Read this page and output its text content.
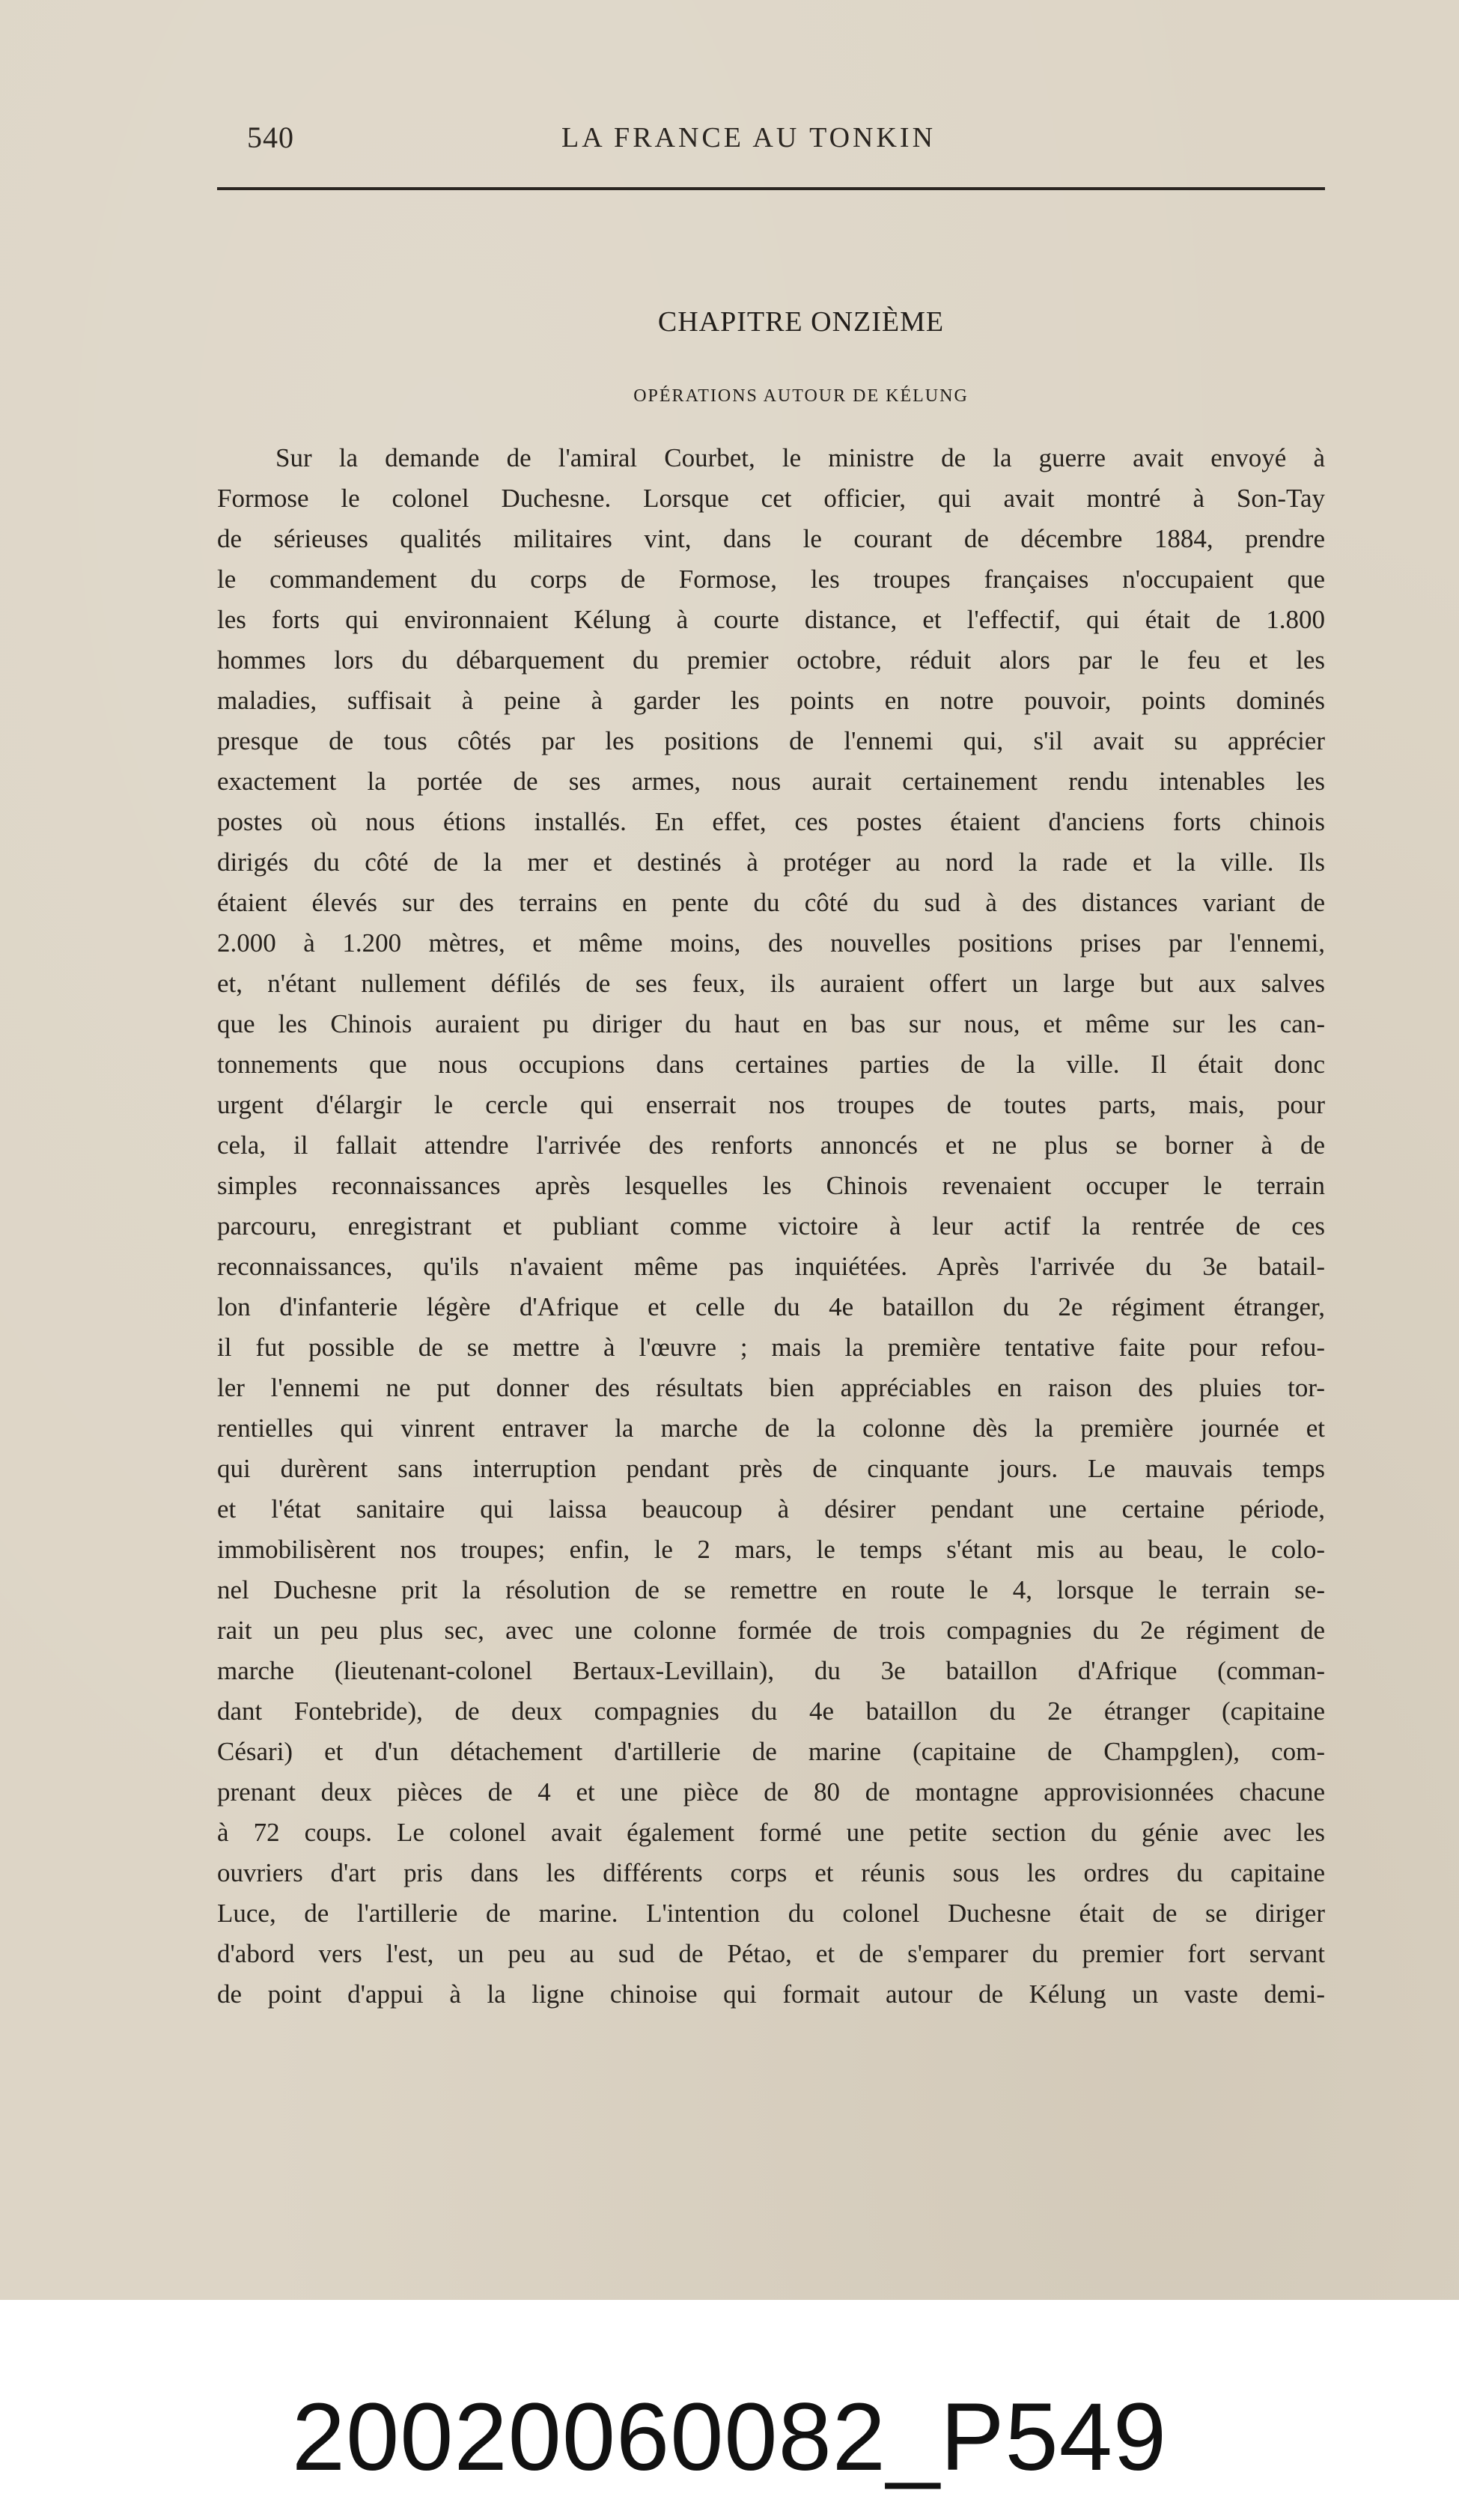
540	LA FRANCE AU TONKIN
CHAPITRE ONZIÈME
OPÉRATIONS AUTOUR DE KÉLUNG
Sur la demande de l'amiral Courbet, le ministre de la guerre avait envoyé à
Formose le colonel Duchesne. Lorsque cet officier, qui avait montré à Son-Tay
de sérieuses qualités militaires vint, dans le courant de décembre 1884, prendre
le commandement du corps de Formose, les troupes françaises n'occupaient que
les forts qui environnaient Kélung à courte distance, et l'effectif, qui était de 1.800
hommes lors du débarquement du premier octobre, réduit alors par le feu et les
maladies, suffisait à peine à garder les points en notre pouvoir, points dominés
presque de tous côtés par les positions de l'ennemi qui, s'il avait su apprécier
exactement la portée de ses armes, nous aurait certainement rendu intenables les
postes où nous étions installés. En effet, ces postes étaient d'anciens forts chinois
dirigés du côté de la mer et destinés à protéger au nord la rade et la ville. Ils
étaient élevés sur des terrains en pente du côté du sud à des distances variant de
2.000 à 1.200 mètres, et même moins, des nouvelles positions prises par l'ennemi,
et, n'étant nullement défilés de ses feux, ils auraient offert un large but aux salves
que les Chinois auraient pu diriger du haut en bas sur nous, et même sur les can-
tonnements que nous occupions dans certaines parties de la ville. Il était donc
urgent d'élargir le cercle qui enserrait nos troupes de toutes parts, mais, pour
cela, il fallait attendre l'arrivée des renforts annoncés et ne plus se borner à de
simples reconnaissances après lesquelles les Chinois revenaient occuper le terrain
parcouru, enregistrant et publiant comme victoire à leur actif la rentrée de ces
reconnaissances, qu'ils n'avaient même pas inquiétées. Après l'arrivée du 3e batail-
lon d'infanterie légère d'Afrique et celle du 4e bataillon du 2e régiment étranger,
il fut possible de se mettre à l'œuvre ; mais la première tentative faite pour refou-
ler l'ennemi ne put donner des résultats bien appréciables en raison des pluies tor-
rentielles qui vinrent entraver la marche de la colonne dès la première journée et
qui durèrent sans interruption pendant près de cinquante jours. Le mauvais temps
et l'état sanitaire qui laissa beaucoup à désirer pendant une certaine période,
immobilisèrent nos troupes; enfin, le 2 mars, le temps s'étant mis au beau, le colo-
nel Duchesne prit la résolution de se remettre en route le 4, lorsque le terrain se-
rait un peu plus sec, avec une colonne formée de trois compagnies du 2e régiment de
marche (lieutenant-colonel Bertaux-Levillain), du 3e bataillon d'Afrique (comman-
dant Fontebride), de deux compagnies du 4e bataillon du 2e étranger (capitaine
Césari) et d'un détachement d'artillerie de marine (capitaine de Champglen), com-
prenant deux pièces de 4 et une pièce de 80 de montagne approvisionnées chacune
à 72 coups. Le colonel avait également formé une petite section du génie avec les
ouvriers d'art pris dans les différents corps et réunis sous les ordres du capitaine
Luce, de l'artillerie de marine. L'intention du colonel Duchesne était de se diriger
d'abord vers l'est, un peu au sud de Pétao, et de s'emparer du premier fort servant
de point d'appui à la ligne chinoise qui formait autour de Kélung un vaste demi-
20020060082_P549
